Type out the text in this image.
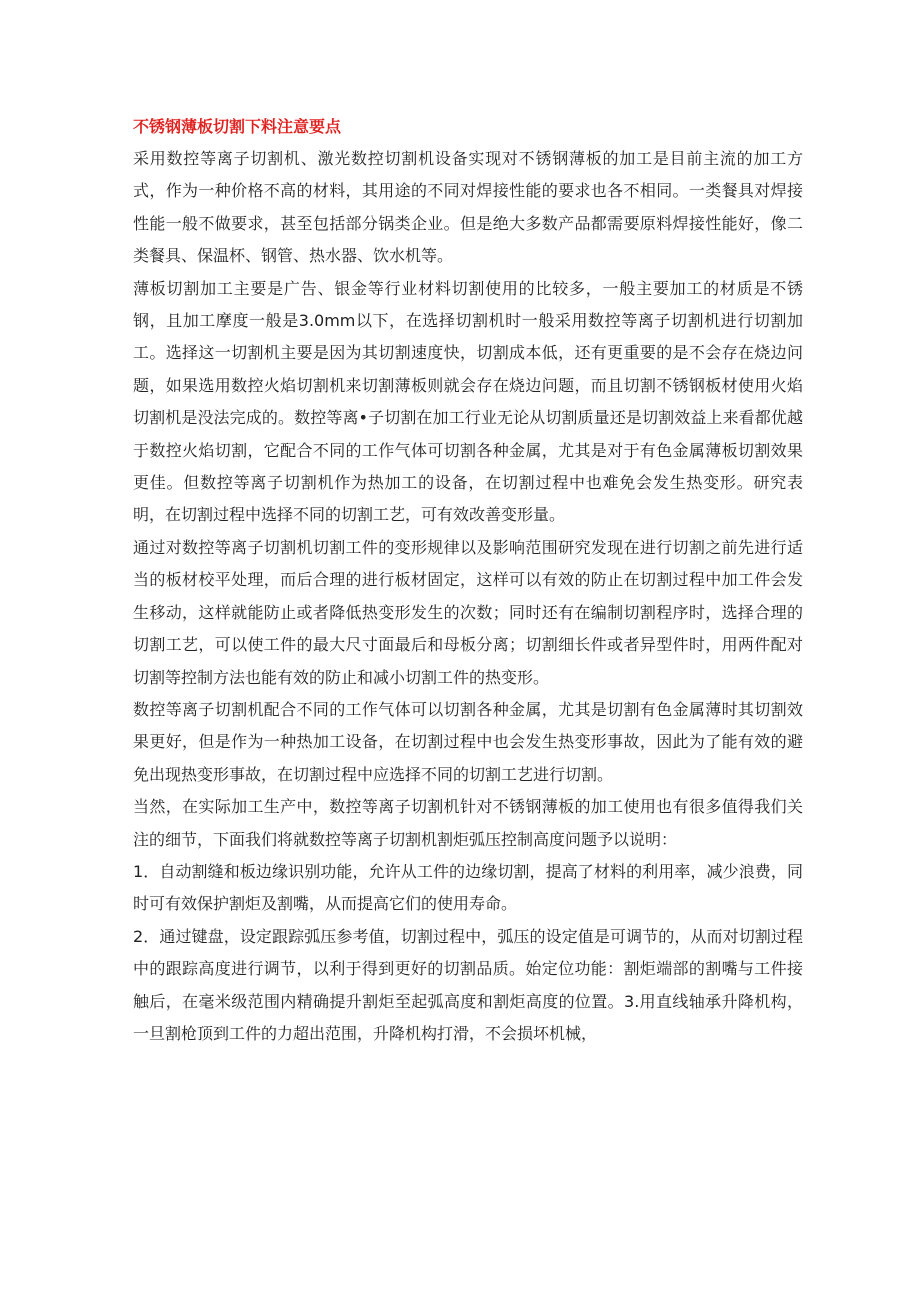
不锈钢薄板切割下料注意要点

采用数控等离子切割机、激光数控切割机设备实现对不锈钢薄板的加工是目前主流的加工方式，作为一种价格不高的材料，其用途的不同对焊接性能的要求也各不相同。一类餐具对焊接性能一般不做要求，甚至包括部分锅类企业。但是绝大多数产品都需要原料焊接性能好，像二类餐具、保温杯、钢管、热水器、饮水机等。

薄板切割加工主要是广告、银金等行业材料切割使用的比较多，一般主要加工的材质是不锈钢，且加工摩度一般是3.0mm以下，在选择切割机时一般采用数控等离子切割机进行切割加工。选择这一切割机主要是因为其切割速度快，切割成本低，还有更重要的是不会存在烧边问题，如果选用数控火焰切割机来切割薄板则就会存在烧边问题，而且切割不锈钢板材使用火焰切割机是没法完成的。数控等离•子切割在加工行业无论从切割质量还是切割效益上来看都优越于数控火焰切割，它配合不同的工作气体可切割各种金属，尤其是对于有色金属薄板切割效果更佳。但数控等离子切割机作为热加工的设备，在切割过程中也难免会发生热变形。研究表明，在切割过程中选择不同的切割工艺，可有效改善变形量。

通过对数控等离子切割机切割工件的变形规律以及影响范围研究发现在进行切割之前先进行适当的板材校平处理，而后合理的进行板材固定，这样可以有效的防止在切割过程中加工件会发生移动，这样就能防止或者降低热变形发生的次数；同时还有在编制切割程序时，选择合理的切割工艺，可以使工件的最大尺寸面最后和母板分离；切割细长件或者异型件时，用两件配对切割等控制方法也能有效的防止和减小切割工件的热变形。

数控等离子切割机配合不同的工作气体可以切割各种金属，尤其是切割有色金属薄时其切割效果更好，但是作为一种热加工设备，在切割过程中也会发生热变形事故，因此为了能有效的避免出现热变形事故，在切割过程中应选择不同的切割工艺进行切割。

当然，在实际加工生产中，数控等离子切割机针对不锈钢薄板的加工使用也有很多值得我们关注的细节，下面我们将就数控等离子切割机割炬弧压控制高度问题予以说明：

1．自动割缝和板边缘识别功能，允许从工件的边缘切割，提高了材料的利用率，减少浪费，同时可有效保护割炬及割嘴，从而提高它们的使用寿命。

2．通过键盘，设定跟踪弧压参考值，切割过程中，弧压的设定值是可调节的，从而对切割过程中的跟踪高度进行调节，以利于得到更好的切割品质。始定位功能：割炬端部的割嘴与工件接触后，在毫米级范围内精确提升割炬至起弧高度和割炬高度的位置。3.用直线轴承升降机构，一旦割枪顶到工件的力超出范围，升降机构打滑，不会损坏机械，
